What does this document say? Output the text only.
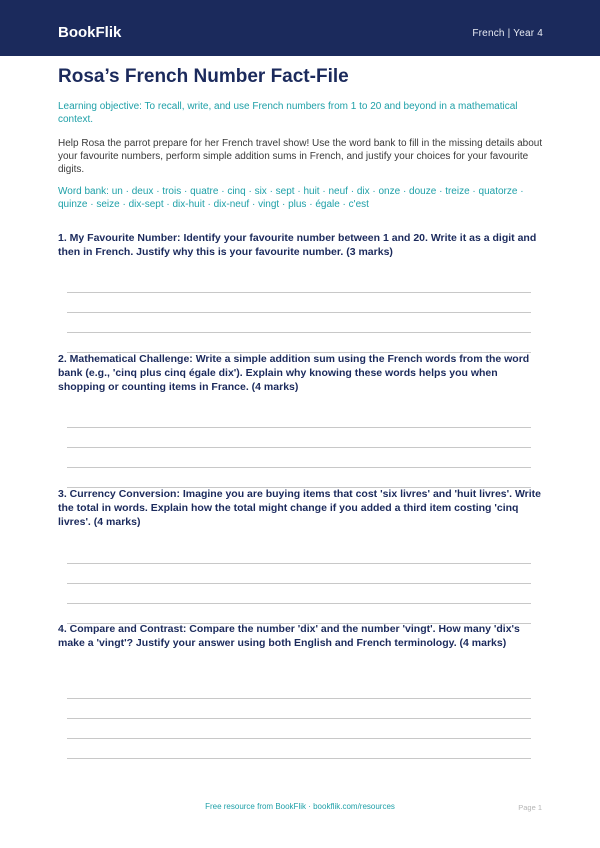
BookFlik	French | Year 4
Rosa’s French Number Fact-File
Learning objective: To recall, write, and use French numbers from 1 to 20 and beyond in a mathematical context.
Help Rosa the parrot prepare for her French travel show! Use the word bank to fill in the missing details about your favourite numbers, perform simple addition sums in French, and justify your choices for your favourite digits.
Word bank: un · deux · trois · quatre · cinq · six · sept · huit · neuf · dix · onze · douze · treize · quatorze · quinze · seize · dix-sept · dix-huit · dix-neuf · vingt · plus · égale · c'est
1. My Favourite Number: Identify your favourite number between 1 and 20. Write it as a digit and then in French. Justify why this is your favourite number. (3 marks)
2. Mathematical Challenge: Write a simple addition sum using the French words from the word bank (e.g., 'cinq plus cinq égale dix'). Explain why knowing these words helps you when shopping or counting items in France. (4 marks)
3. Currency Conversion: Imagine you are buying items that cost 'six livres' and 'huit livres'. Write the total in words. Explain how the total might change if you added a third item costing 'cinq livres'. (4 marks)
4. Compare and Contrast: Compare the number 'dix' and the number 'vingt'. How many 'dix's make a 'vingt'? Justify your answer using both English and French terminology. (4 marks)
Free resource from BookFlik · bookflik.com/resources	Page 1
